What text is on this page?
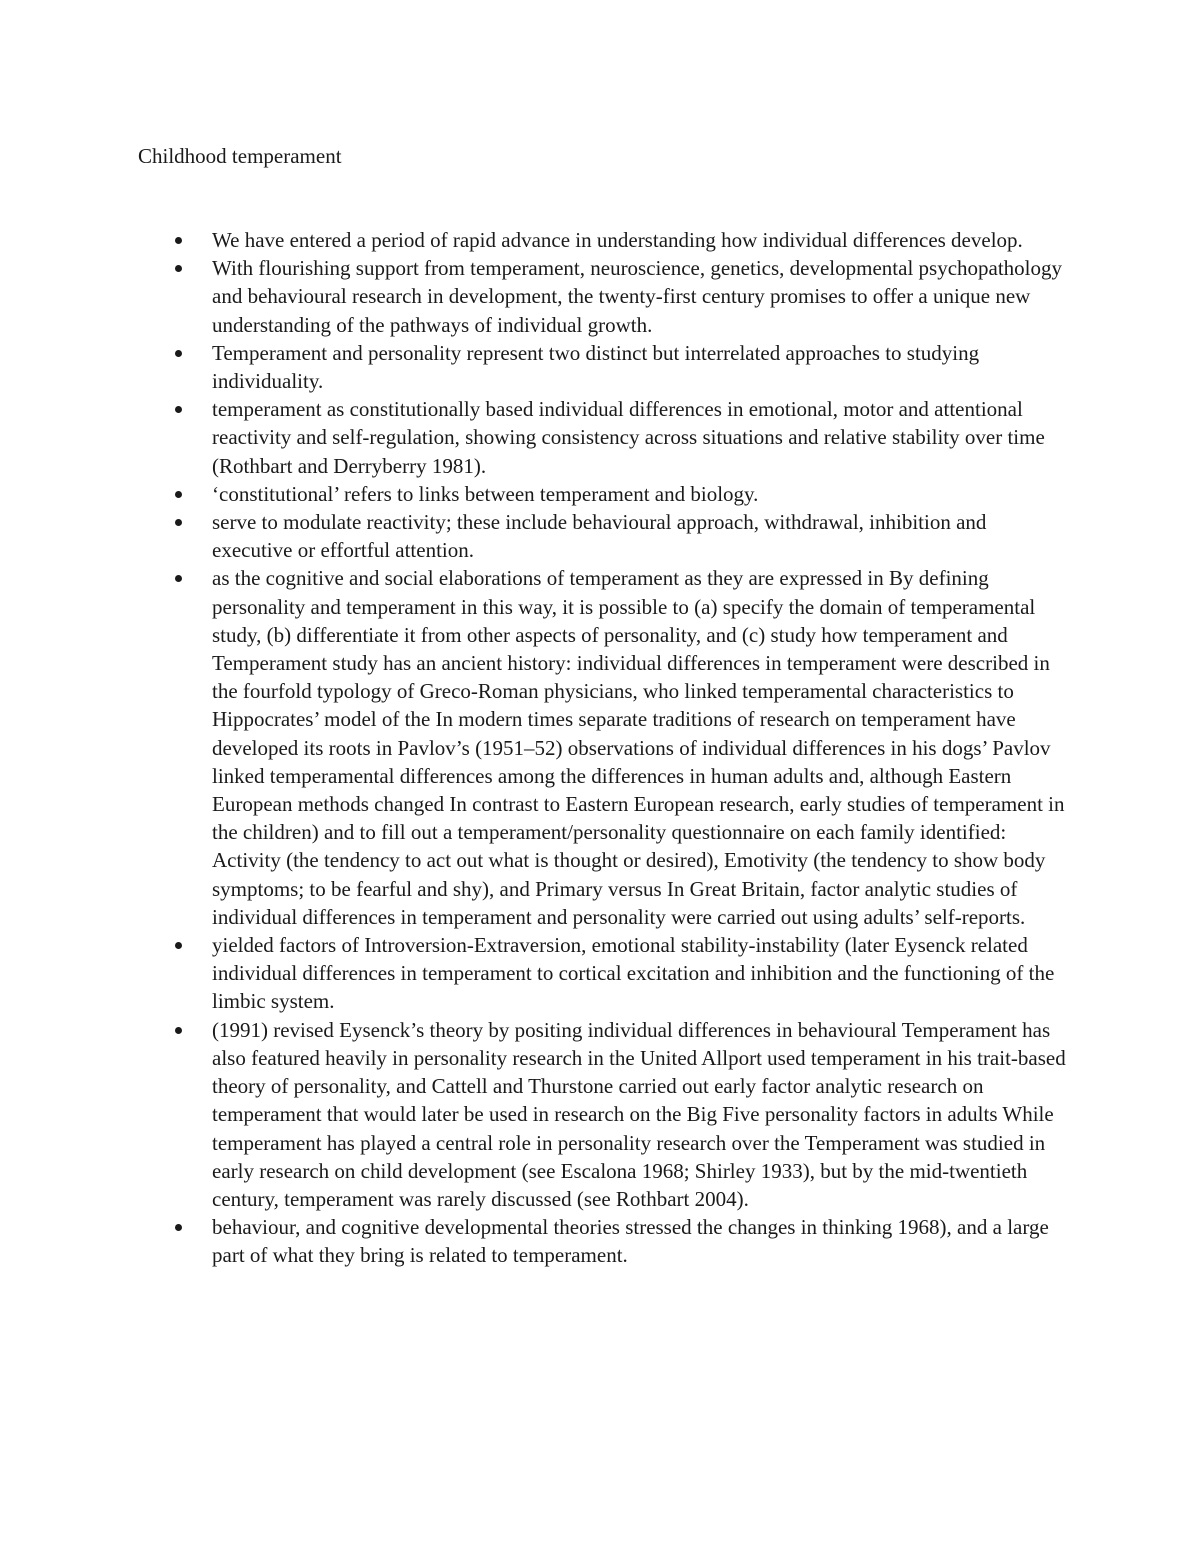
Childhood temperament
We have entered a period of rapid advance in understanding how individual differences develop.
With flourishing support from temperament, neuroscience, genetics, developmental psychopathology and behavioural research in development, the twenty-first century promises to offer a unique new understanding of the pathways of individual growth.
Temperament and personality represent two distinct but interrelated approaches to studying individuality.
temperament as constitutionally based individual differences in emotional, motor and attentional reactivity and self-regulation, showing consistency across situations and relative stability over time (Rothbart and Derryberry 1981).
‘constitutional’ refers to links between temperament and biology.
serve to modulate reactivity; these include behavioural approach, withdrawal, inhibition and executive or effortful attention.
as the cognitive and social elaborations of temperament as they are expressed in By defining personality and temperament in this way, it is possible to (a) specify the domain of temperamental study, (b) differentiate it from other aspects of personality, and (c) study how temperament and Temperament study has an ancient history: individual differences in temperament were described in the fourfold typology of Greco-Roman physicians, who linked temperamental characteristics to Hippocrates’ model of the In modern times separate traditions of research on temperament have developed its roots in Pavlov’s (1951–52) observations of individual differences in his dogs’ Pavlov linked temperamental differences among the differences in human adults and, although Eastern European methods changed In contrast to Eastern European research, early studies of temperament in the children) and to fill out a temperament/personality questionnaire on each family identified: Activity (the tendency to act out what is thought or desired), Emotivity (the tendency to show body symptoms; to be fearful and shy), and Primary versus In Great Britain, factor analytic studies of individual differences in temperament and personality were carried out using adults’ self-reports.
yielded factors of Introversion-Extraversion, emotional stability-instability (later Eysenck related individual differences in temperament to cortical excitation and inhibition and the functioning of the limbic system.
(1991) revised Eysenck’s theory by positing individual differences in behavioural Temperament has also featured heavily in personality research in the United Allport used temperament in his trait-based theory of personality, and Cattell and Thurstone carried out early factor analytic research on temperament that would later be used in research on the Big Five personality factors in adults While temperament has played a central role in personality research over the Temperament was studied in early research on child development (see Escalona 1968; Shirley 1933), but by the mid-twentieth century, temperament was rarely discussed (see Rothbart 2004).
behaviour, and cognitive developmental theories stressed the changes in thinking 1968), and a large part of what they bring is related to temperament.
